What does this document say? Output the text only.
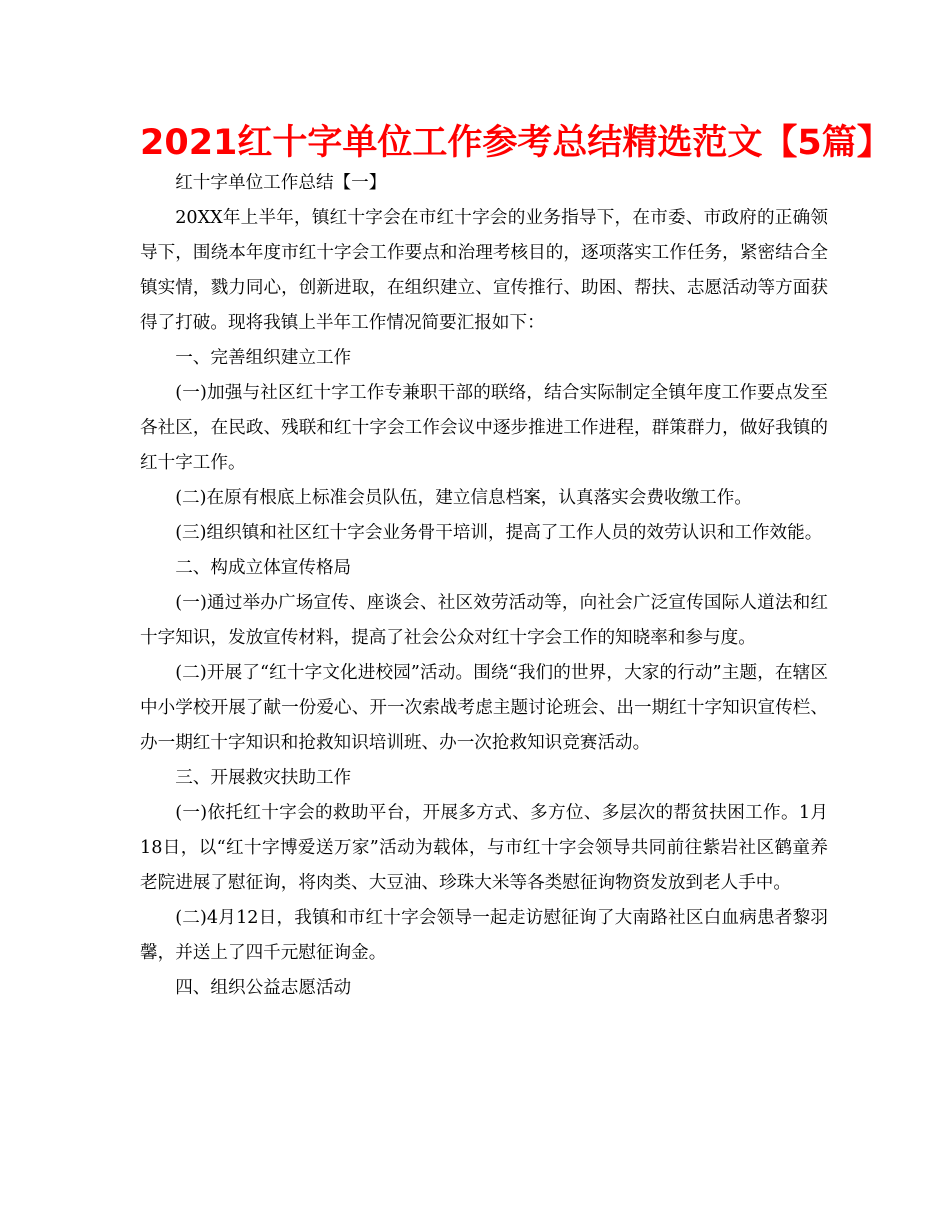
2021红十字单位工作参考总结精选范文【5篇】

红十字单位工作总结【一】

20XX年上半年，镇红十字会在市红十字会的业务指导下，在市委、市政府的正确领导下，围绕本年度市红十字会工作要点和治理考核目的，逐项落实工作任务，紧密结合全镇实情，戮力同心，创新进取，在组织建立、宣传推行、助困、帮扶、志愿活动等方面获得了打破。现将我镇上半年工作情况简要汇报如下：

一、完善组织建立工作

(一)加强与社区红十字工作专兼职干部的联络，结合实际制定全镇年度工作要点发至各社区，在民政、残联和红十字会工作会议中逐步推进工作进程，群策群力，做好我镇的红十字工作。

(二)在原有根底上标准会员队伍，建立信息档案，认真落实会费收缴工作。

(三)组织镇和社区红十字会业务骨干培训，提高了工作人员的效劳认识和工作效能。

二、构成立体宣传格局

(一)通过举办广场宣传、座谈会、社区效劳活动等，向社会广泛宣传国际人道法和红十字知识，发放宣传材料，提高了社会公众对红十字会工作的知晓率和参与度。

(二)开展了“红十字文化进校园”活动。围绕“我们的世界，大家的行动”主题，在辖区中小学校开展了献一份爱心、开一次索战考虑主题讨论班会、出一期红十字知识宣传栏、办一期红十字知识和抢救知识培训班、办一次抢救知识竞赛活动。

三、开展救灾扶助工作

(一)依托红十字会的救助平台，开展多方式、多方位、多层次的帮贫扶困工作。1月18日，以“红十字博爱送万家”活动为载体，与市红十字会领导共同前往紫岩社区鹤童养老院进展了慰征询，将肉类、大豆油、珍珠大米等各类慰征询物资发放到老人手中。

(二)4月12日，我镇和市红十字会领导一起走访慰征询了大南路社区白血病患者黎羽馨，并送上了四千元慰征询金。

四、组织公益志愿活动
